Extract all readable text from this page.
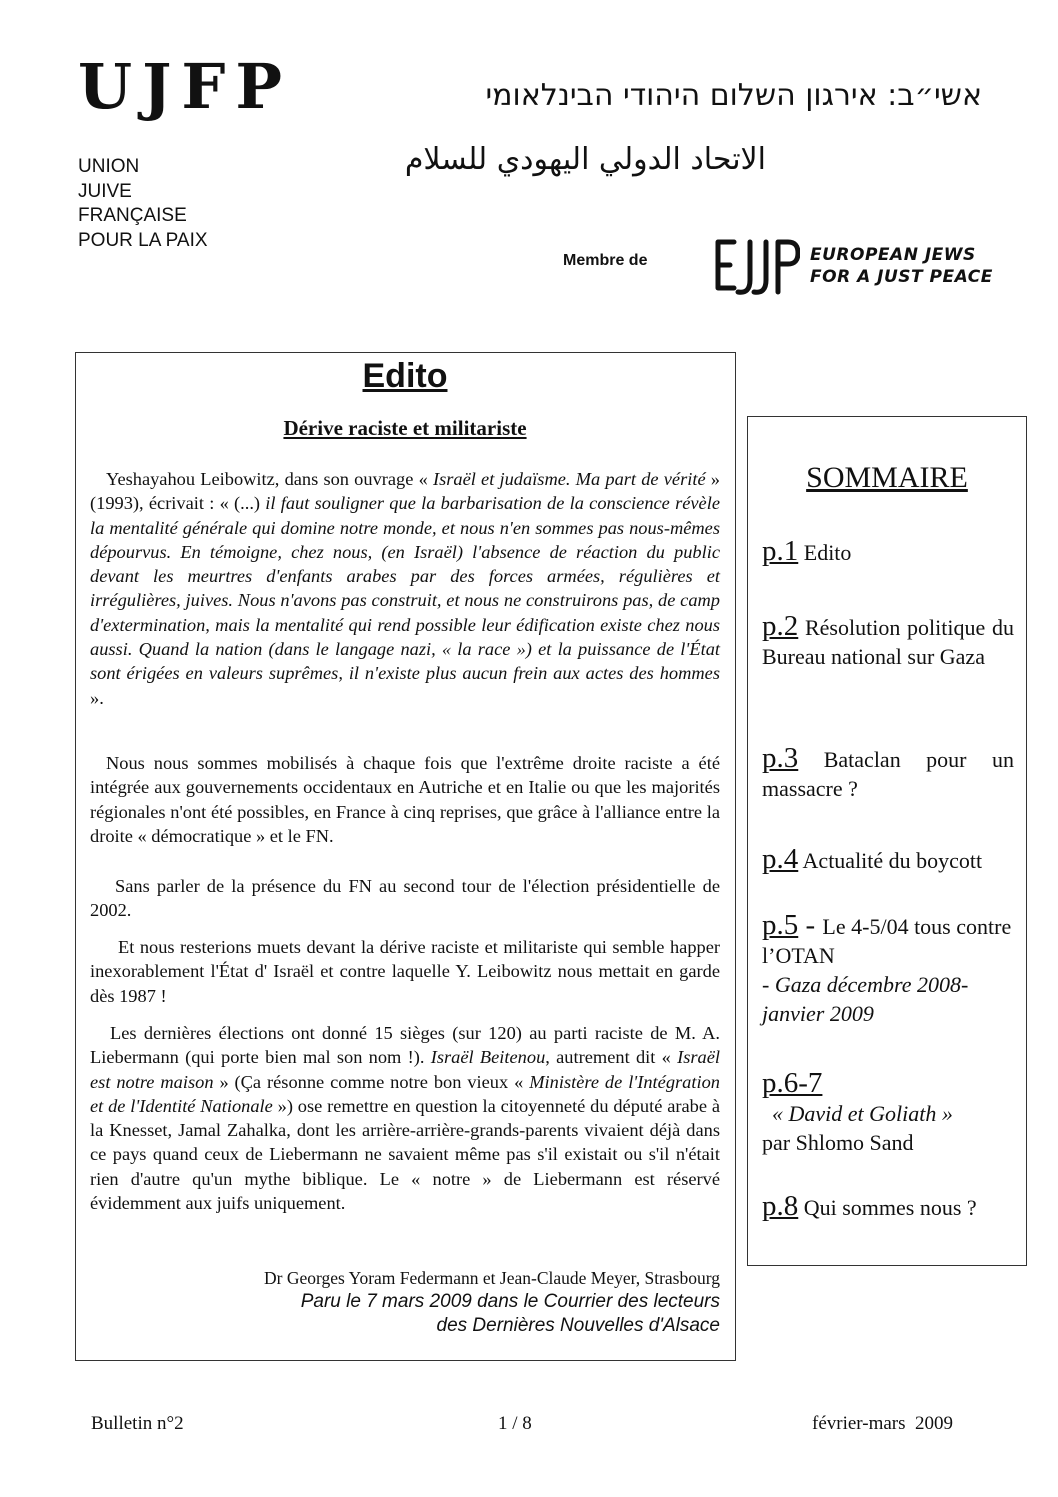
UJFP
UNION
JUIVE
FRANÇAISE
POUR LA PAIX
אשי״ב: אירגון השלום היהודי הבינלאומי
الاتحاد الدولي اليهودي للسلام
Membre de	EUROPEAN JEWS
FOR A JUST PEACE
Edito
Dérive raciste et militariste
Yeshayahou Leibowitz, dans son ouvrage « Israël et judaïsme. Ma part de vérité » (1993), écrivait : « (...) il faut souligner que la barbarisation de la conscience révèle la mentalité générale qui domine notre monde, et nous n'en sommes pas nous-mêmes dépourvus. En témoigne, chez nous, (en Israël) l'absence de réaction du public devant les meurtres d'enfants arabes par des forces armées, régulières et irrégulières, juives. Nous n'avons pas construit, et nous ne construirons pas, de camp d'extermination, mais la mentalité qui rend possible leur édification existe chez nous aussi. Quand la nation (dans le langage nazi, « la race ») et la puissance de l'État sont érigées en valeurs suprêmes, il n'existe plus aucun frein aux actes des hommes ».
Nous nous sommes mobilisés à chaque fois que l'extrême droite raciste a été intégrée aux gouvernements occidentaux en Autriche et en Italie ou que les majorités régionales n'ont été possibles, en France à cinq reprises, que grâce à l'alliance entre la droite « démocratique » et le FN.
Sans parler de la présence du FN au second tour de l'élection présidentielle de 2002.
Et nous resterions muets devant la dérive raciste et militariste qui semble happer inexorablement l'État d' Israël et contre laquelle Y. Leibowitz nous mettait en garde dès 1987 !
Les dernières élections ont donné 15 sièges (sur 120) au parti raciste de M. A. Liebermann (qui porte bien mal son nom !). Israël Beitenou, autrement dit « Israël est notre maison » (Ça résonne comme notre bon vieux « Ministère de l'Intégration et de l'Identité Nationale ») ose remettre en question la citoyenneté du député arabe à la Knesset, Jamal Zahalka, dont les arrière-arrière-grands-parents vivaient déjà dans ce pays quand ceux de Liebermann ne savaient même pas s'il existait ou s'il n'était rien d'autre qu'un mythe biblique. Le « notre » de Liebermann est réservé évidemment aux juifs uniquement.
Dr Georges Yoram Federmann et Jean-Claude Meyer, Strasbourg
Paru le 7 mars 2009 dans le Courrier des lecteurs
des Dernières Nouvelles d'Alsace
SOMMAIRE
p.1 Edito
p.2 Résolution politique du Bureau national sur Gaza
p.3 Bataclan pour un massacre ?
p.4 Actualité du boycott
p.5 - Le 4-5/04 tous contre l’OTAN
- Gaza décembre 2008-janvier 2009
p.6-7
« David et Goliath »
par Shlomo Sand
p.8 Qui sommes nous ?
Bulletin n°2	1 / 8	février-mars  2009
